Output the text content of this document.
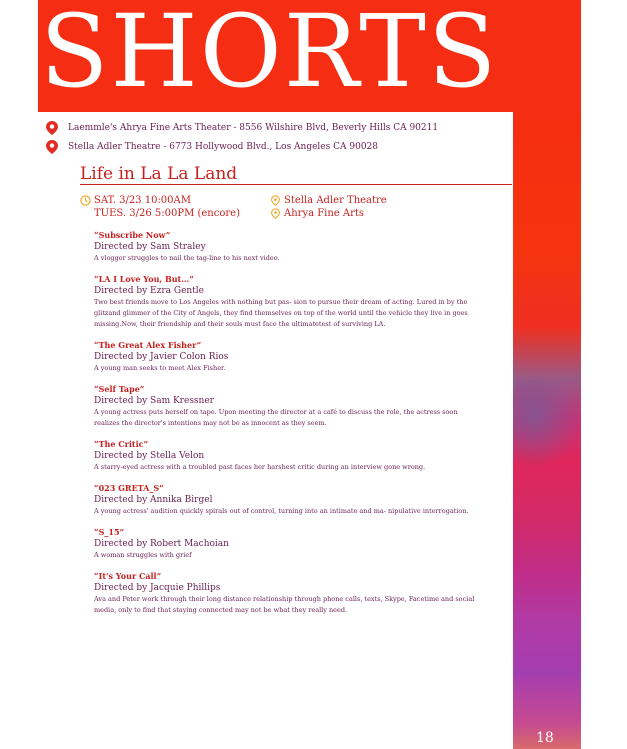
SHORTS
Laemmle's Ahrya Fine Arts Theater - 8556 Wilshire Blvd, Beverly Hills CA 90211
Stella Adler Theatre - 6773 Hollywood Blvd., Los Angeles CA 90028
Life in La La Land
SAT. 3/23 10:00AM	Stella Adler Theatre
TUES. 3/26 5:00PM (encore)	Ahrya Fine Arts
“Subscribe Now”
Directed by Sam Straley
A vlogger struggles to nail the tag-line to his next video.
“LA I Love You, But…”
Directed by Ezra Gentle
Two best friends move to Los Angeles with nothing but pas- sion to pursue their dream of acting. Lured in by the glitzand glimmer of the City of Angels, they find themselves on top of the world until the vehicle they live in goes missing.Now, their friendship and their souls must face the ultimatetest of surviving LA.
“The Great Alex Fisher”
Directed by Javier Colon Rios
A young man seeks to meet Alex Fisher.
“Self Tape”
Directed by Sam Kressner
A young actress puts herself on tape. Upon meeting the director at a café to discuss the role, the actress soon realizes the director's intentions may not be as innocent as they seem.
“The Critic”
Directed by Stella Velon
A starry-eyed actress with a troubled past faces her harshest critic during an interview gone wrong.
“023 GRETA_S”
Directed by Annika Birgel
A young actress' audition quickly spirals out of control, turning into an intimate and ma- nipulative interrogation.
“S_15”
Directed by Robert Machoian
A woman struggles with grief
“It's Your Call”
Directed by Jacquie Phillips
Ava and Peter work through their long distance relationship through phone calls, texts, Skype, Facetime and social media, only to find that staying connected may not be what they really need.
18
